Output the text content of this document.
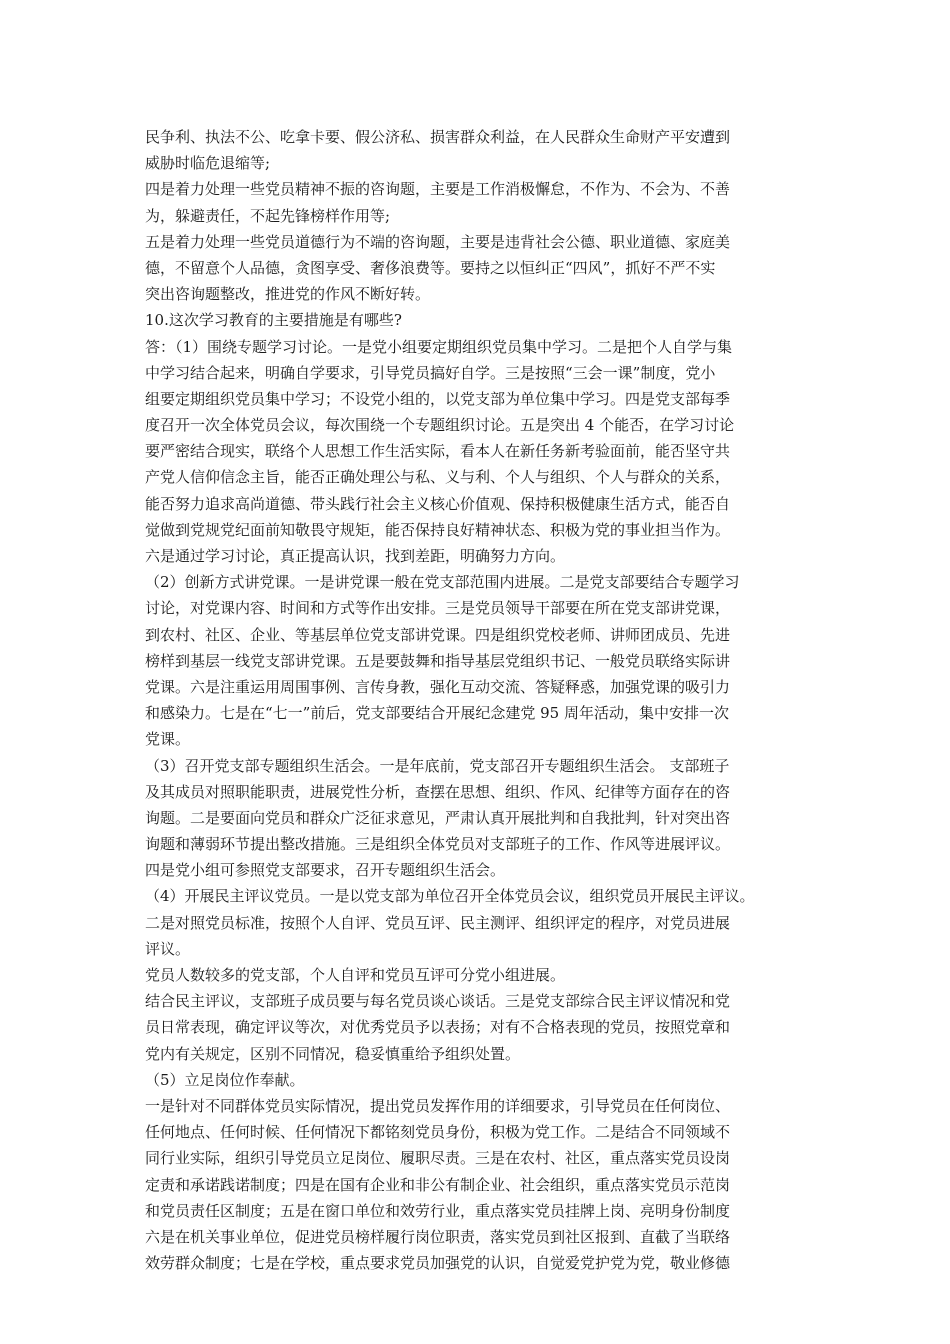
民争利、执法不公、吃拿卡要、假公济私、损害群众利益，在人民群众生命财产平安遭到
威胁时临危退缩等;
四是着力处理一些党员精神不振的咨询题，主要是工作消极懈怠，不作为、不会为、不善
为，躲避责任，不起先锋榜样作用等;
五是着力处理一些党员道德行为不端的咨询题，主要是违背社会公德、职业道德、家庭美
德，不留意个人品德，贪图享受、奢侈浪费等。要持之以恒纠正“四风”，抓好不严不实
突出咨询题整改，推进党的作风不断好转。
10.这次学习教育的主要措施是有哪些?
答：（1）围绕专题学习讨论。一是党小组要定期组织党员集中学习。二是把个人自学与集
中学习结合起来，明确自学要求，引导党员搞好自学。三是按照“三会一课”制度，党小
组要定期组织党员集中学习；不设党小组的，以党支部为单位集中学习。四是党支部每季
度召开一次全体党员会议，每次围绕一个专题组织讨论。五是突出 4 个能否，在学习讨论
要严密结合现实，联络个人思想工作生活实际，看本人在新任务新考验面前，能否坚守共
产党人信仰信念主旨，能否正确处理公与私、义与利、个人与组织、个人与群众的关系，
能否努力追求高尚道德、带头践行社会主义核心价值观、保持积极健康生活方式，能否自
觉做到党规党纪面前知敬畏守规矩，能否保持良好精神状态、积极为党的事业担当作为。
六是通过学习讨论，真正提高认识，找到差距，明确努力方向。
（2）创新方式讲党课。一是讲党课一般在党支部范围内进展。二是党支部要结合专题学习
讨论，对党课内容、时间和方式等作出安排。三是党员领导干部要在所在党支部讲党课，
到农村、社区、企业、等基层单位党支部讲党课。四是组织党校老师、讲师团成员、先进
榜样到基层一线党支部讲党课。五是要鼓舞和指导基层党组织书记、一般党员联络实际讲
党课。六是注重运用周围事例、言传身教，强化互动交流、答疑释惑，加强党课的吸引力
和感染力。七是在“七一”前后，党支部要结合开展纪念建党 95 周年活动，集中安排一次
党课。
（3）召开党支部专题组织生活会。一是年底前，党支部召开专题组织生活会。 支部班子
及其成员对照职能职责，进展党性分析，查摆在思想、组织、作风、纪律等方面存在的咨
询题。二是要面向党员和群众广泛征求意见，严肃认真开展批判和自我批判，针对突出咨
询题和薄弱环节提出整改措施。三是组织全体党员对支部班子的工作、作风等进展评议。
四是党小组可参照党支部要求，召开专题组织生活会。
（4）开展民主评议党员。一是以党支部为单位召开全体党员会议，组织党员开展民主评议。
二是对照党员标准，按照个人自评、党员互评、民主测评、组织评定的程序，对党员进展
评议。
党员人数较多的党支部，个人自评和党员互评可分党小组进展。
结合民主评议，支部班子成员要与每名党员谈心谈话。三是党支部综合民主评议情况和党
员日常表现，确定评议等次，对优秀党员予以表扬；对有不合格表现的党员，按照党章和
党内有关规定，区别不同情况，稳妥慎重给予组织处置。
（5）立足岗位作奉献。
一是针对不同群体党员实际情况，提出党员发挥作用的详细要求，引导党员在任何岗位、
任何地点、任何时候、任何情况下都铭刻党员身份，积极为党工作。二是结合不同领域不
同行业实际，组织引导党员立足岗位、履职尽责。三是在农村、社区，重点落实党员设岗
定责和承诺践诺制度；四是在国有企业和非公有制企业、社会组织，重点落实党员示范岗
和党员责任区制度；五是在窗口单位和效劳行业，重点落实党员挂牌上岗、亮明身份制度
六是在机关事业单位，促进党员榜样履行岗位职责，落实党员到社区报到、直截了当联络
效劳群众制度；七是在学校，重点要求党员加强党的认识，自觉爱党护党为党，敬业修德
